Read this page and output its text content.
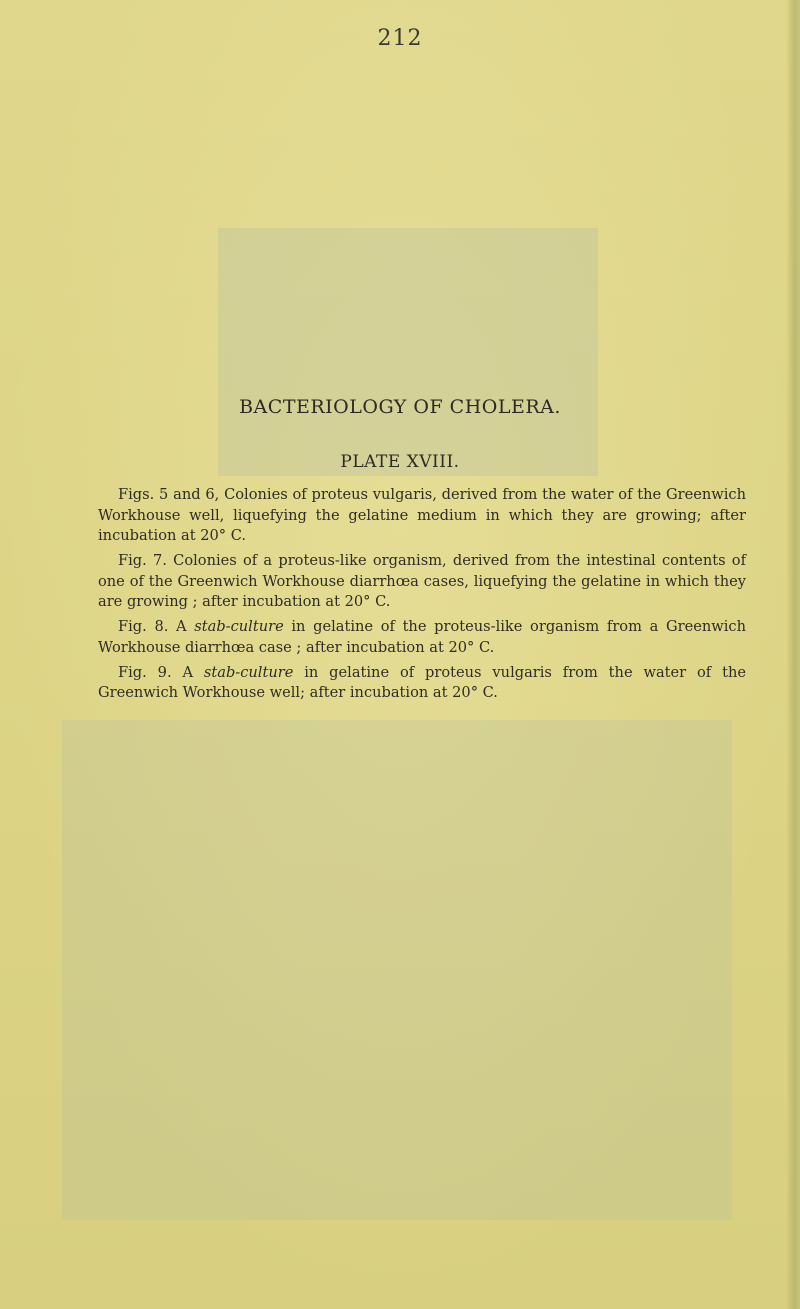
212
BACTERIOLOGY OF CHOLERA.
PLATE XVIII.

Figs. 5 and 6, Colonies of proteus vulgaris, derived from the water of the Greenwich Workhouse well, liquefying the gelatine medium in which they are growing; after incubation at 20° C.

Fig. 7. Colonies of a proteus-like organism, derived from the intestinal contents of one of the Greenwich Workhouse diarrhœa cases, liquefying the gelatine in which they are growing ; after incubation at 20° C.

Fig. 8. A stab-culture in gelatine of the proteus-like organism from a Greenwich Workhouse diarrhœa case ; after incubation at 20° C.

Fig. 9. A stab-culture in gelatine of proteus vulgaris from the water of the Greenwich Workhouse well; after incubation at 20° C.
